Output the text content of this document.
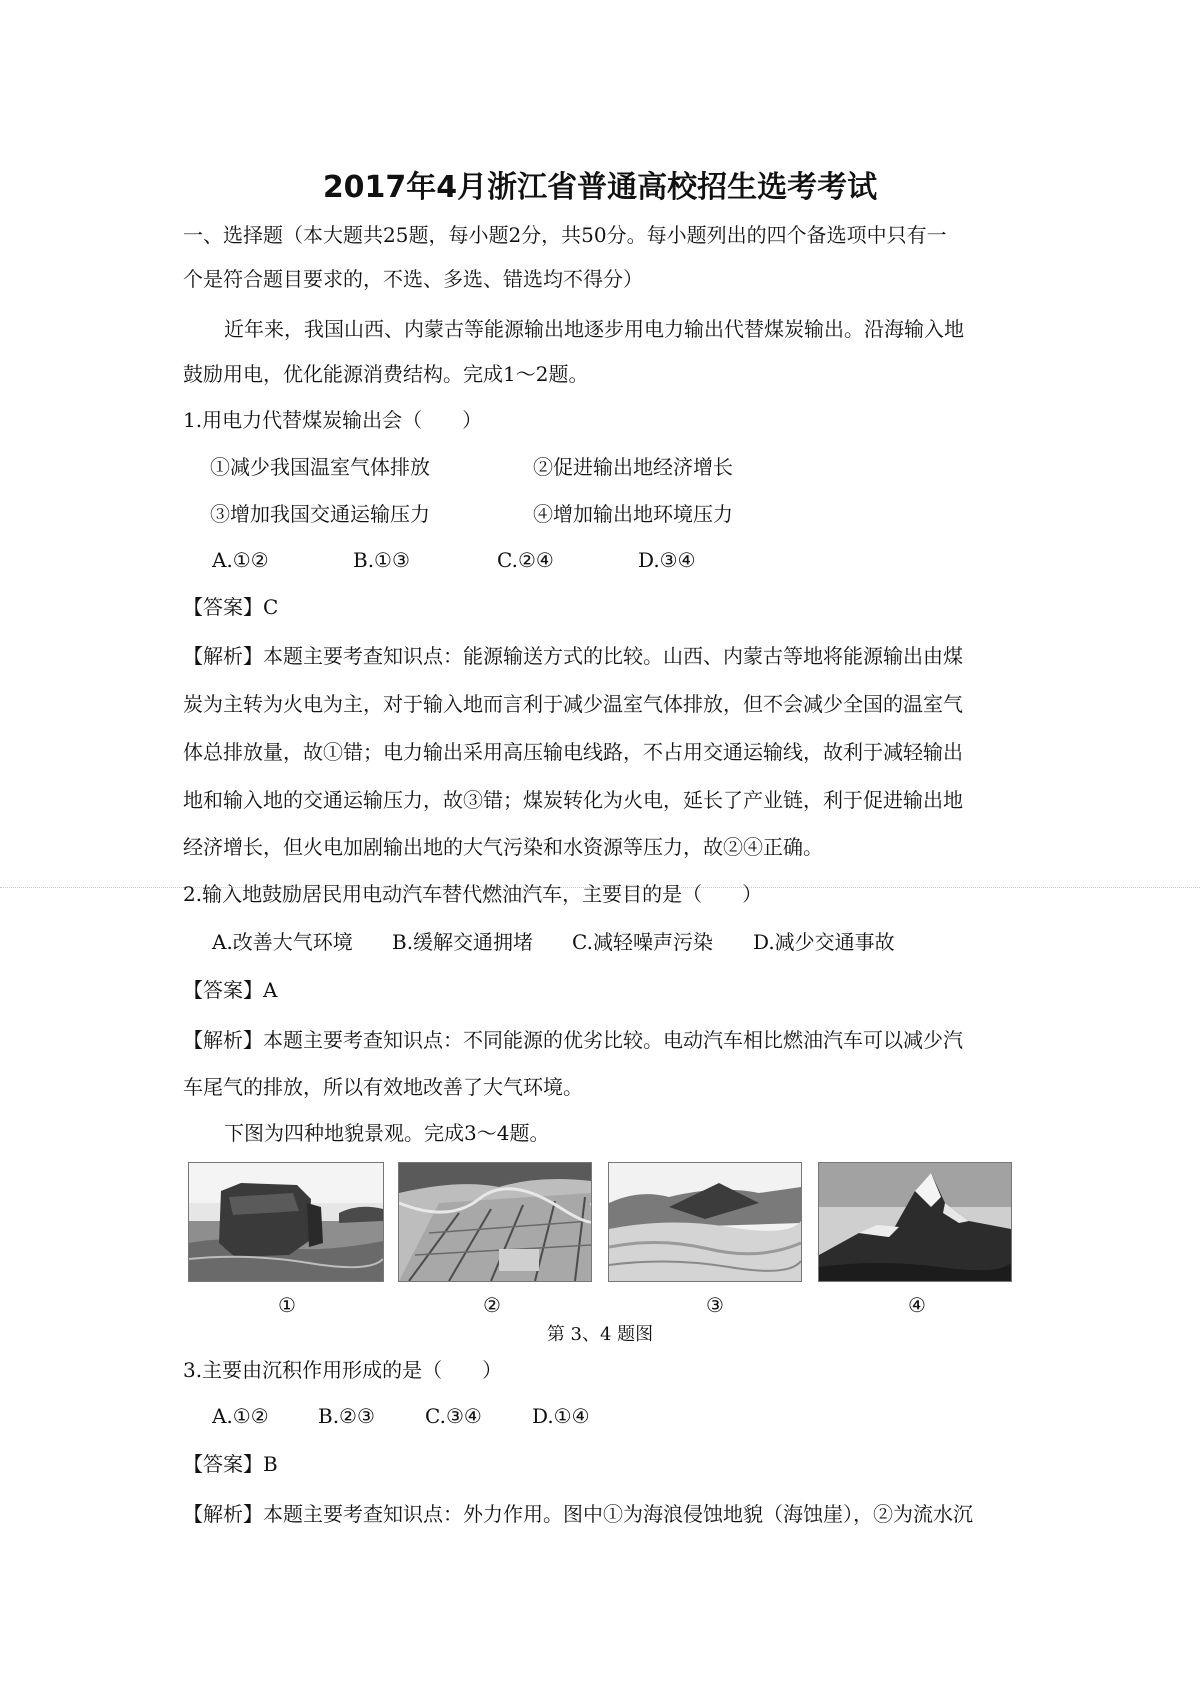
2017年4月浙江省普通高校招生选考考试
一、选择题（本大题共25题，每小题2分，共50分。每小题列出的四个备选项中只有一
个是符合题目要求的，不选、多选、错选均不得分）
近年来，我国山西、内蒙古等能源输出地逐步用电力输出代替煤炭输出。沿海输入地
鼓励用电，优化能源消费结构。完成1～2题。
1.用电力代替煤炭输出会（　　）
①减少我国温室气体排放	②促进输出地经济增长
③增加我国交通运输压力	④增加输出地环境压力
A.①②	B.①③	C.②④	D.③④
【答案】C
【解析】本题主要考查知识点：能源输送方式的比较。山西、内蒙古等地将能源输出由煤
炭为主转为火电为主，对于输入地而言利于减少温室气体排放，但不会减少全国的温室气
体总排放量，故①错；电力输出采用高压输电线路，不占用交通运输线，故利于减轻输出
地和输入地的交通运输压力，故③错；煤炭转化为火电，延长了产业链，利于促进输出地
经济增长，但火电加剧输出地的大气污染和水资源等压力，故②④正确。
2.输入地鼓励居民用电动汽车替代燃油汽车，主要目的是（　　）
A.改善大气环境 B.缓解交通拥堵 C.减轻噪声污染 D.减少交通事故
【答案】A
【解析】本题主要考查知识点：不同能源的优劣比较。电动汽车相比燃油汽车可以减少汽
车尾气的排放，所以有效地改善了大气环境。
下图为四种地貌景观。完成3～4题。
①	②	③	④
第 3、4 题图
3.主要由沉积作用形成的是（　　）
A.①② B.②③	C.③④	D.①④
【答案】B
【解析】本题主要考查知识点：外力作用。图中①为海浪侵蚀地貌（海蚀崖），②为流水沉
